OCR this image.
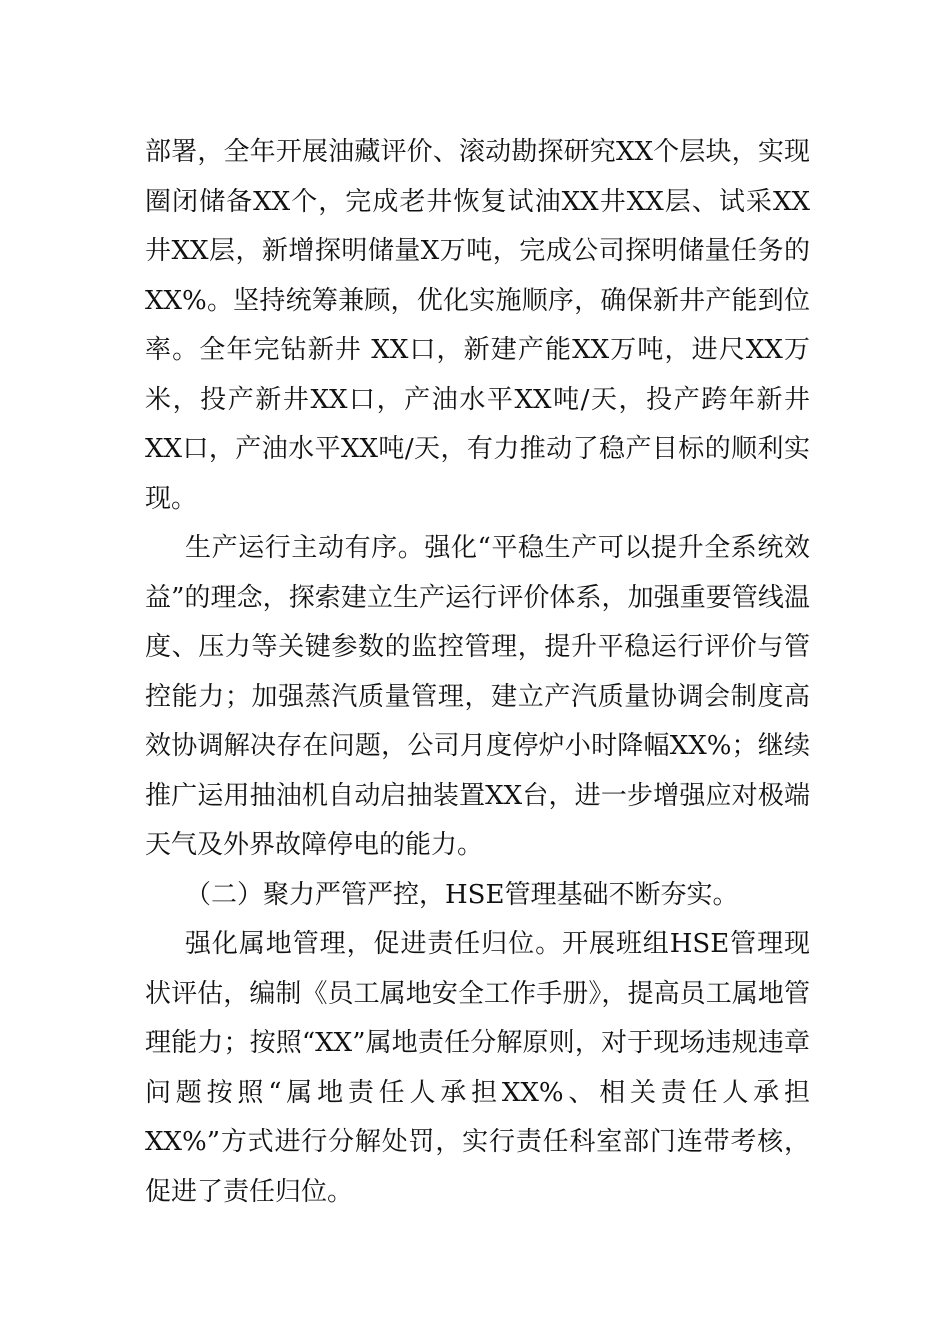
部署，全年开展油藏评价、滚动勘探研究XX个层块，实现圈闭储备XX个，完成老井恢复试油XX井XX层、试采XX井XX层，新增探明储量X万吨，完成公司探明储量任务的XX%。坚持统筹兼顾，优化实施顺序，确保新井产能到位率。全年完钻新井 XX口，新建产能XX万吨，进尺XX万米，投产新井XX口，产油水平XX吨/天，投产跨年新井XX口，产油水平XX吨/天，有力推动了稳产目标的顺利实现。

生产运行主动有序。强化“平稳生产可以提升全系统效益”的理念，探索建立生产运行评价体系，加强重要管线温度、压力等关键参数的监控管理，提升平稳运行评价与管控能力；加强蒸汽质量管理，建立产汽质量协调会制度高效协调解决存在问题，公司月度停炉小时降幅XX%；继续推广运用抽油机自动启抽装置XX台，进一步增强应对极端天气及外界故障停电的能力。

（二）聚力严管严控，HSE管理基础不断夯实。

强化属地管理，促进责任归位。开展班组HSE管理现状评估，编制《员工属地安全工作手册》，提高员工属地管理能力；按照“XX”属地责任分解原则，对于现场违规违章问题按照“属地责任人承担XX%、相关责任人承担XX%”方式进行分解处罚，实行责任科室部门连带考核，促进了责任归位。
